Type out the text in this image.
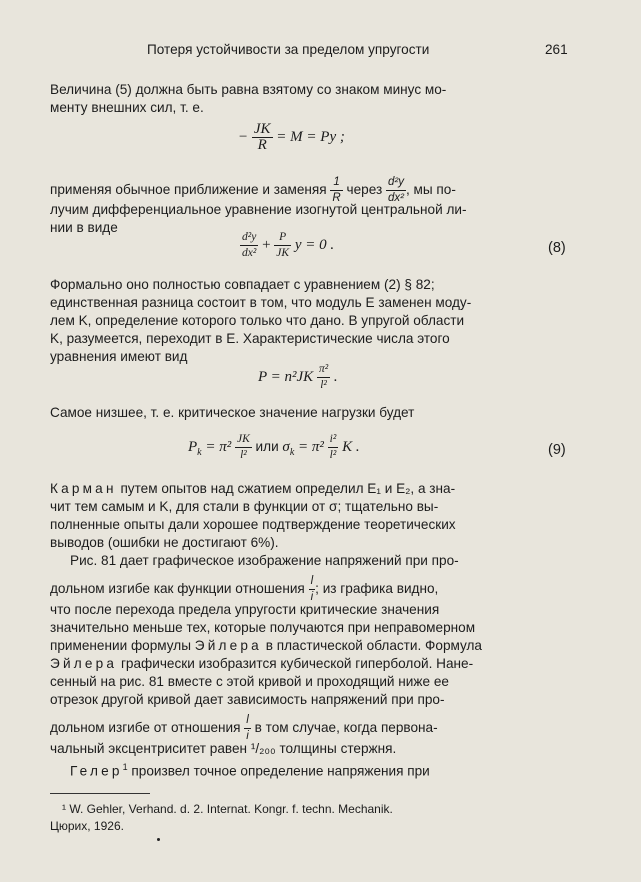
Потеря устойчивости за пределом упругости	261
Величина (5) должна быть равна взятому со знаком минус мо-
менту внешних сил, т. е.
− $\frac{JK}{R} = M = Py$ ;
применяя обычное приближение и заменяя $\frac{1}{R}$ через $\frac{\text{d²y}}{\text{dx²}}$ , мы по-
лучим дифференциальное уравнение изогнутой центральной ли-
нии в виде
$\frac{\text{d²y}}{\text{dx²}} + \frac{P}{JK}$ y = 0 .	(8)
Формально оно полностью совпадает с уравнением (2) § 82;
единственная разница состоит в том, что модуль E заменен моду-
лем K, определение которого только что дано. В упругой области
K, разумеется, переходит в E. Характеристические числа этого
уравнения имеют вид
$P = n^2JK \frac{\text{π²}}{\text{l²}}$ .
Самое низшее, т. е. критическое значение нагрузки будет
$P_k = \pi^2 \frac{JK}{\text{l²}}$ или $\sigma_k = \pi^2 \frac{\text{i²}}{\text{l²}}$ K .	(9)
Карман путем опытов над сжатием определил E₁ и E₂, а зна-
чит тем самым и K, для стали в функции от σ; тщательно вы-
полненные опыты дали хорошее подтверждение теоретических
выводов (ошибки не достигают 6%).
Рис. 81 дает графическое изображение напряжений при про-
дольном изгибе как функции отношения $\frac{l}{i}$ ; из графика видно,
что после перехода предела упругости критические значения
значительно меньше тех, которые получаются при неправомерном
применении формулы Эйлера в пластической области. Формула
Эйлера графически изобразится кубической гиперболой. Нане-
сенный на рис. 81 вместе с этой кривой и проходящий ниже ее
отрезок другой кривой дает зависимость напряжений при про-
дольном изгибе от отношения $\frac{l}{i}$ в том случае, когда первона-
чальный эксцентриситет равен ¹/₂₀₀ толщины стержня.
Гелер$^1$ произвел точное определение напряжения при
¹ W. Gehler, Verhand. d. 2. Internat. Kongr. f. techn. Mechanik.
Цюрих, 1926.
